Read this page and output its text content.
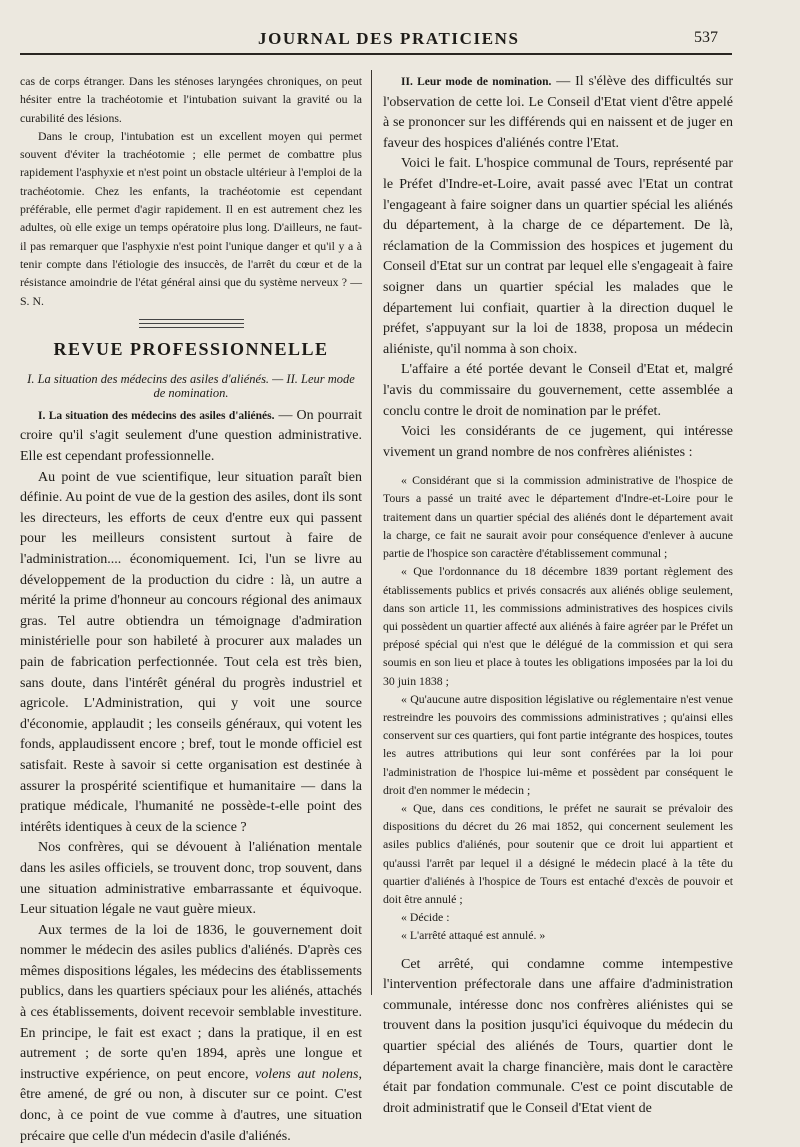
JOURNAL DES PRATICIENS	537

cas de corps étranger. Dans les sténoses laryngées chroniques, on peut hésiter entre la trachéotomie et l'intubation suivant la gravité ou la curabilité des lésions.

Dans le croup, l'intubation est un excellent moyen qui permet souvent d'éviter la trachéotomie ; elle permet de combattre plus rapidement l'asphyxie et n'est point un obstacle ultérieur à l'emploi de la trachéotomie. Chez les enfants, la trachéotomie est cependant préférable, elle permet d'agir rapidement. Il en est autrement chez les adultes, où elle exige un temps opératoire plus long. D'ailleurs, ne faut-il pas remarquer que l'asphyxie n'est point l'unique danger et qu'il y a à tenir compte dans l'étiologie des insuccès, de l'arrêt du cœur et de la résistance amoindrie de l'état général ainsi que du système nerveux ? — S. N.

REVUE PROFESSIONNELLE
I. La situation des médecins des asiles d'aliénés. — II. Leur mode de nomination.

I. La situation des médecins des asiles d'aliénés. — On pourrait croire qu'il s'agit seulement d'une question administrative. Elle est cependant professionnelle.

Au point de vue scientifique, leur situation paraît bien définie. Au point de vue de la gestion des asiles, dont ils sont les directeurs, les efforts de ceux d'entre eux qui passent pour les meilleurs consistent surtout à faire de l'administration.... économiquement. Ici, l'un se livre au développement de la production du cidre : là, un autre a mérité la prime d'honneur au concours régional des animaux gras. Tel autre obtiendra un témoignage d'admiration ministérielle pour son habileté à procurer aux malades un pain de fabrication perfectionnée. Tout cela est très bien, sans doute, dans l'intérêt général du progrès industriel et agricole. L'Administration, qui y voit une source d'économie, applaudit ; les conseils généraux, qui votent les fonds, applaudissent encore ; bref, tout le monde officiel est satisfait. Reste à savoir si cette organisation est destinée à assurer la prospérité scientifique et humanitaire — dans la pratique médicale, l'humanité ne possède-t-elle point des intérêts identiques à ceux de la science ?

Nos confrères, qui se dévouent à l'aliénation mentale dans les asiles officiels, se trouvent donc, trop souvent, dans une situation administrative embarrassante et équivoque. Leur situation légale ne vaut guère mieux.

Aux termes de la loi de 1836, le gouvernement doit nommer le médecin des asiles publics d'aliénés. D'après ces mêmes dispositions légales, les médecins des établissements publics, dans les quartiers spéciaux pour les aliénés, attachés à ces établissements, doivent recevoir semblable investiture. En principe, le fait est exact ; dans la pratique, il en est autrement ; de sorte qu'en 1894, après une longue et instructive expérience, on peut encore, volens aut nolens, être amené, de gré ou non, à discuter sur ce point. C'est donc, à ce point de vue comme à d'autres, une situation précaire que celle d'un médecin d'asile d'aliénés.

II. Leur mode de nomination. — Il s'élève des difficultés sur l'observation de cette loi. Le Conseil d'Etat vient d'être appelé à se prononcer sur les différends qui en naissent et de juger en faveur des hospices d'aliénés contre l'Etat.

Voici le fait. L'hospice communal de Tours, représenté par le Préfet d'Indre-et-Loire, avait passé avec l'Etat un contrat l'engageant à faire soigner dans un quartier spécial les aliénés du département, à la charge de ce département. De là, réclamation de la Commission des hospices et jugement du Conseil d'Etat sur un contrat par lequel elle s'engageait à faire soigner dans un quartier spécial les malades que le département lui confiait, quartier à la direction duquel le préfet, s'appuyant sur la loi de 1838, proposa un médecin aliéniste, qu'il nomma à son choix.

L'affaire a été portée devant le Conseil d'Etat et, malgré l'avis du commissaire du gouvernement, cette assemblée a conclu contre le droit de nomination par le préfet.

Voici les considérants de ce jugement, qui intéresse vivement un grand nombre de nos confrères aliénistes :

« Considérant que si la commission administrative de l'hospice de Tours a passé un traité avec le département d'Indre-et-Loire pour le traitement dans un quartier spécial des aliénés dont le département avait la charge, ce fait ne saurait avoir pour conséquence d'enlever à aucune partie de l'hospice son caractère d'établissement communal ;

« Que l'ordonnance du 18 décembre 1839 portant règlement des établissements publics et privés consacrés aux aliénés oblige seulement, dans son article 11, les commissions administratives des hospices civils qui possèdent un quartier affecté aux aliénés à faire agréer par le Préfet un préposé spécial qui n'est que le délégué de la commission et qui sera soumis en son lieu et place à toutes les obligations imposées par la loi du 30 juin 1838 ;

« Qu'aucune autre disposition législative ou réglementaire n'est venue restreindre les pouvoirs des commissions administratives ; qu'ainsi elles conservent sur ces quartiers, qui font partie intégrante des hospices, toutes les autres attributions qui leur sont conférées par la loi pour l'administration de l'hospice lui-même et possèdent par conséquent le droit d'en nommer le médecin ;

« Que, dans ces conditions, le préfet ne saurait se prévaloir des dispositions du décret du 26 mai 1852, qui concernent seulement les asiles publics d'aliénés, pour soutenir que ce droit lui appartient et qu'aussi l'arrêt par lequel il a désigné le médecin placé à la tête du quartier d'aliénés à l'hospice de Tours est entaché d'excès de pouvoir et doit être annulé ;

« Décide :

« L'arrêté attaqué est annulé. »

Cet arrêté, qui condamne comme intempestive l'intervention préfectorale dans une affaire d'administration communale, intéresse donc nos confrères aliénistes qui se trouvent dans la position jusqu'ici équivoque du médecin du quartier spécial des aliénés de Tours, quartier dont le département avait la charge financière, mais dont le caractère était par fondation communale. C'est ce point discutable de droit administratif que le Conseil d'Etat vient de
